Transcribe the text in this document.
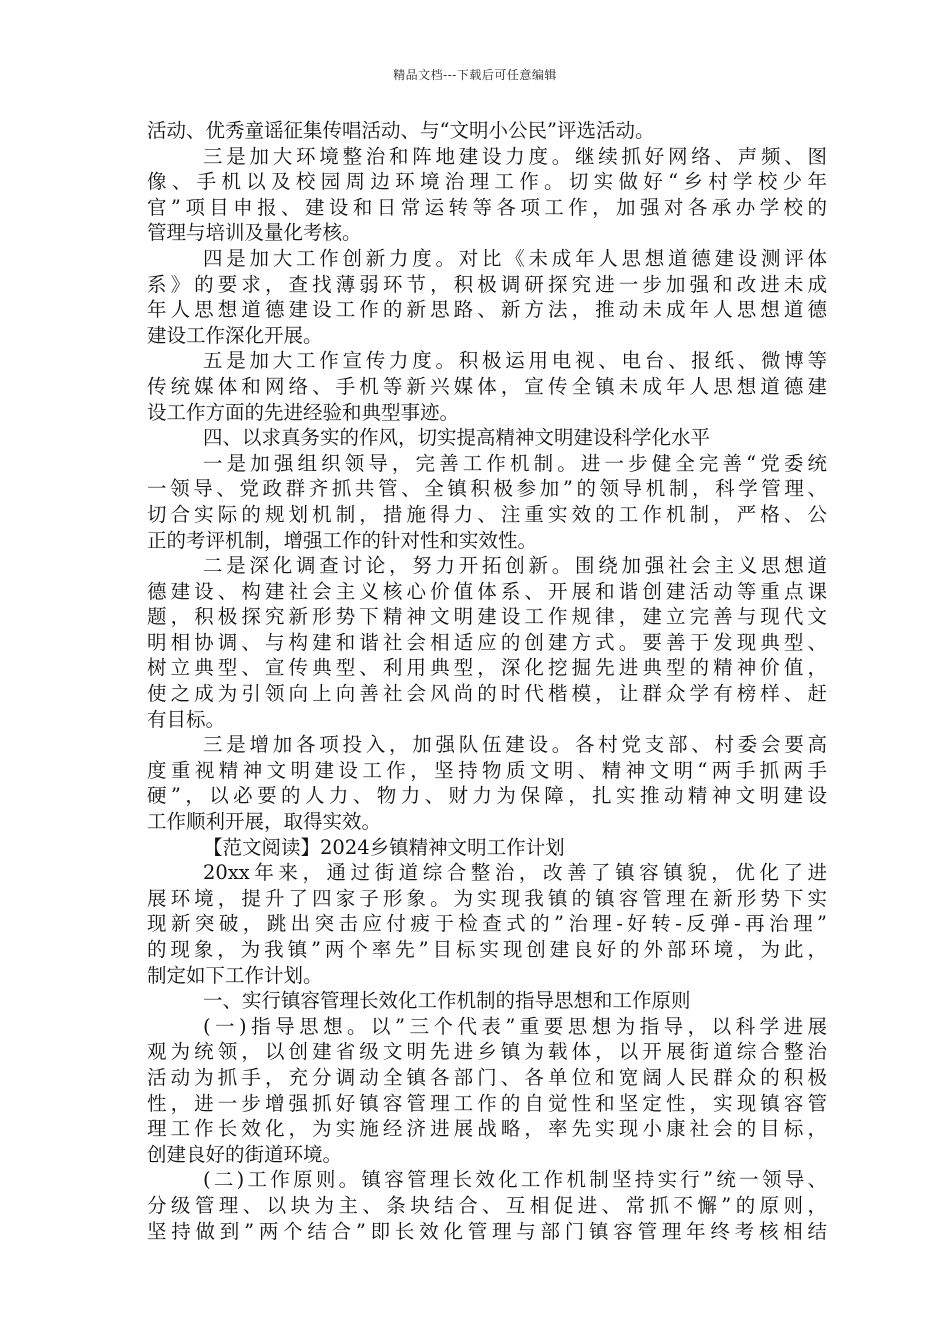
精品文档---下载后可任意编辑
活动、优秀童谣征集传唱活动、与“文明小公民”评选活动。
三是加大环境整治和阵地建设力度。继续抓好网络、声频、图
像、手机以及校园周边环境治理工作。切实做好“乡村学校少年
官”项目申报、建设和日常运转等各项工作，加强对各承办学校的
管理与培训及量化考核。
四是加大工作创新力度。对比《未成年人思想道德建设测评体
系》的要求，查找薄弱环节，积极调研探究进一步加强和改进未成
年人思想道德建设工作的新思路、新方法，推动未成年人思想道德
建设工作深化开展。
五是加大工作宣传力度。积极运用电视、电台、报纸、微博等
传统媒体和网络、手机等新兴媒体，宣传全镇未成年人思想道德建
设工作方面的先进经验和典型事迹。
四、以求真务实的作风，切实提高精神文明建设科学化水平
一是加强组织领导，完善工作机制。进一步健全完善“党委统
一领导、党政群齐抓共管、全镇积极参加”的领导机制，科学管理、
切合实际的规划机制，措施得力、注重实效的工作机制，严格、公
正的考评机制，增强工作的针对性和实效性。
二是深化调查讨论，努力开拓创新。围绕加强社会主义思想道
德建设、构建社会主义核心价值体系、开展和谐创建活动等重点课
题，积极探究新形势下精神文明建设工作规律，建立完善与现代文
明相协调、与构建和谐社会相适应的创建方式。要善于发现典型、
树立典型、宣传典型、利用典型，深化挖掘先进典型的精神价值，
使之成为引领向上向善社会风尚的时代楷模，让群众学有榜样、赶
有目标。
三是增加各项投入，加强队伍建设。各村党支部、村委会要高
度重视精神文明建设工作，坚持物质文明、精神文明“两手抓两手
硬”，以必要的人力、物力、财力为保障，扎实推动精神文明建设
工作顺利开展，取得实效。
【范文阅读】2024乡镇精神文明工作计划
20xx年来，通过街道综合整治，改善了镇容镇貌，优化了进
展环境，提升了四家子形象。为实现我镇的镇容管理在新形势下实
现新突破，跳出突击应付疲于检查式的”治理-好转-反弹-再治理”
的现象，为我镇”两个率先”目标实现创建良好的外部环境，为此，
制定如下工作计划。
一、实行镇容管理长效化工作机制的指导思想和工作原则
(一)指导思想。以”三个代表”重要思想为指导，以科学进展
观为统领，以创建省级文明先进乡镇为载体，以开展街道综合整治
活动为抓手，充分调动全镇各部门、各单位和宽阔人民群众的积极
性，进一步增强抓好镇容管理工作的自觉性和坚定性，实现镇容管
理工作长效化，为实施经济进展战略，率先实现小康社会的目标，
创建良好的街道环境。
(二)工作原则。镇容管理长效化工作机制坚持实行”统一领导、
分级管理、以块为主、条块结合、互相促进、常抓不懈”的原则，
坚持做到”两个结合”即长效化管理与部门镇容管理年终考核相结
